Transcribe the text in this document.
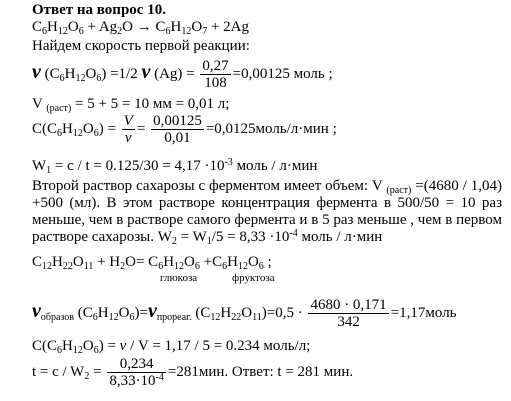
Ответ на вопрос 10.
$C_6H_{12}O_6 + Ag_2O \to C_6H_{12}O_7 + 2Ag$
Найдем скорость первой реакции:
ν $(C_6H_{12}O_6) =1/2$ ν $(Ag) = \frac{0,27}{108} =0,00125$ моль ;
V $_{(раст)}$ = 5 + 5 = 10 мм = 0,01 л;
$C(C_6H_{12}O_6) = \frac{V}{\nu} = \frac{0,00125}{0,01}$ =0,0125моль/л·мин ;
$W_1 = c / t = 0.125/30 = 4,17 \cdot 10^{-3}$ моль / л·мин
Второй раствор сахарозы с ферментом имеет объем: V $_{(раст)}$ =(4680 / 1,04) +500 (мл). В этом растворе концентрация фермента в 500/50 = 10 раз меньше, чем в растворе самого фермента и в 5 раз меньше , чем в первом растворе сахарозы. $W_2 = W_1/5 = 8,33 \cdot 10^{-4}$ моль / л·мин
$C_{12}H_{22}O_{11} + H_2O= C_6H_{12}O_6 +C_6H_{12}O_6$ ;
глюкоза	фруктоза
$\nu_{образов}$ $(C_6H_{12}O_6)=\nu_{прореаг.}$ $(C_{12}H_{22}O_{11})=0,5 \cdot \frac{4680 \cdot 0,171}{342}$ =1,17моль
$C(C_6H_{12}O_6) = \nu / V = 1,17 / 5 = 0.234$ моль/л;
$t = c / W_2 = \frac{0,234}{8,33\cdot 10^{-4}} =281мин$. Ответ: t = 281 мин.
